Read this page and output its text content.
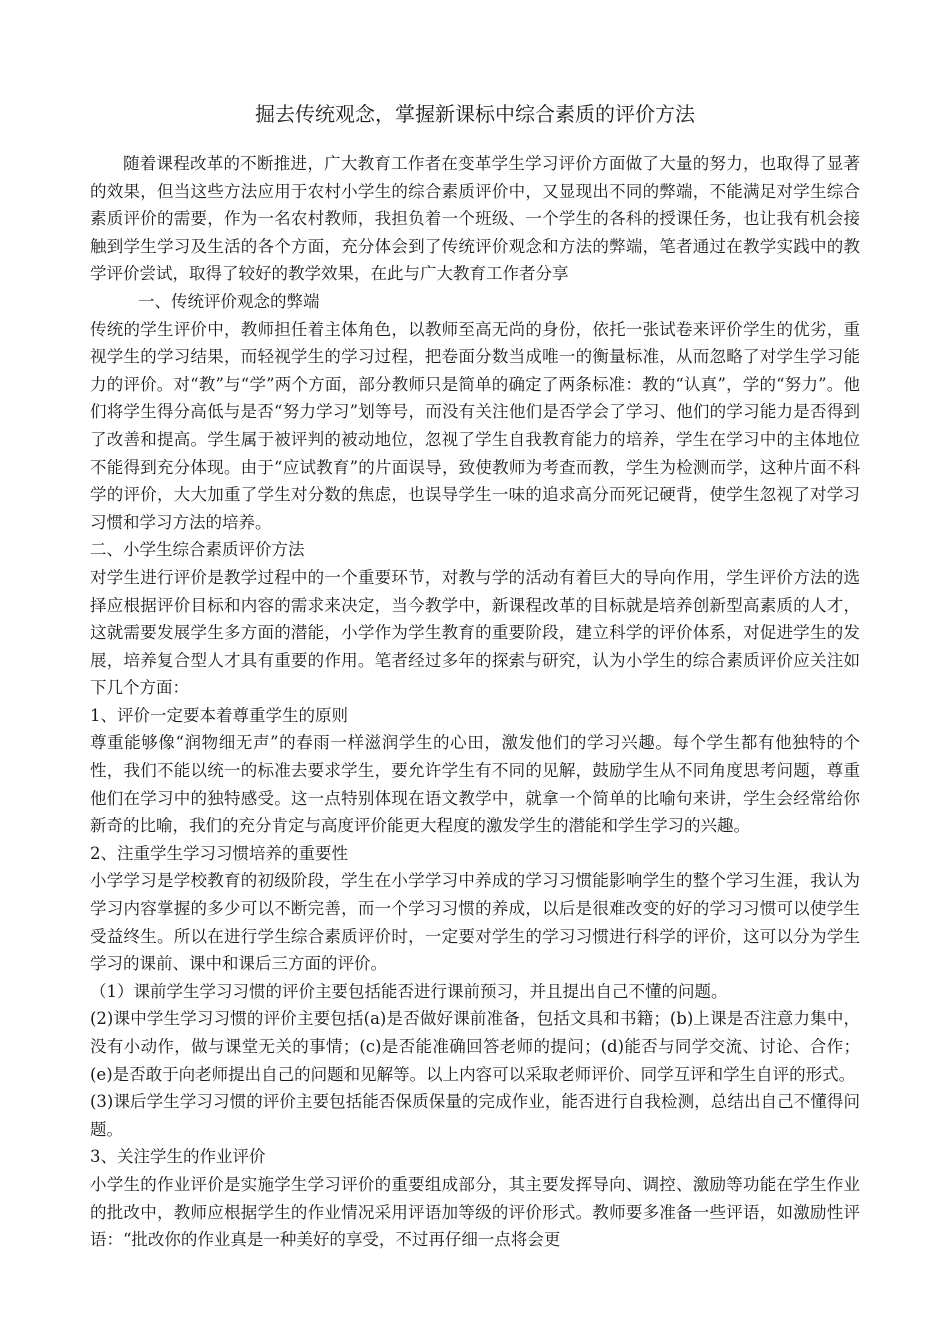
掘去传统观念，掌握新课标中综合素质的评价方法

随着课程改革的不断推进，广大教育工作者在变革学生学习评价方面做了大量的努力，也取得了显著的效果，但当这些方法应用于农村小学生的综合素质评价中，又显现出不同的弊端，不能满足对学生综合素质评价的需要，作为一名农村教师，我担负着一个班级、一个学生的各科的授课任务，也让我有机会接触到学生学习及生活的各个方面，充分体会到了传统评价观念和方法的弊端，笔者通过在教学实践中的教学评价尝试，取得了较好的教学效果，在此与广大教育工作者分享

一、传统评价观念的弊端

传统的学生评价中，教师担任着主体角色，以教师至高无尚的身份，依托一张试卷来评价学生的优劣，重视学生的学习结果，而轻视学生的学习过程，把卷面分数当成唯一的衡量标准，从而忽略了对学生学习能力的评价。对“教”与“学”两个方面，部分教师只是简单的确定了两条标准：教的“认真”，学的“努力”。他们将学生得分高低与是否“努力学习”划等号，而没有关注他们是否学会了学习、他们的学习能力是否得到了改善和提高。学生属于被评判的被动地位，忽视了学生自我教育能力的培养，学生在学习中的主体地位不能得到充分体现。由于“应试教育”的片面误导，致使教师为考查而教，学生为检测而学，这种片面不科学的评价，大大加重了学生对分数的焦虑，也误导学生一味的追求高分而死记硬背，使学生忽视了对学习习惯和学习方法的培养。

二、小学生综合素质评价方法

对学生进行评价是教学过程中的一个重要环节，对教与学的活动有着巨大的导向作用，学生评价方法的选择应根据评价目标和内容的需求来决定，当今教学中，新课程改革的目标就是培养创新型高素质的人才，这就需要发展学生多方面的潜能，小学作为学生教育的重要阶段，建立科学的评价体系，对促进学生的发展，培养复合型人才具有重要的作用。笔者经过多年的探索与研究，认为小学生的综合素质评价应关注如下几个方面：

1、评价一定要本着尊重学生的原则

尊重能够像“润物细无声”的春雨一样滋润学生的心田，激发他们的学习兴趣。每个学生都有他独特的个性，我们不能以统一的标准去要求学生，要允许学生有不同的见解，鼓励学生从不同角度思考问题，尊重他们在学习中的独特感受。这一点特别体现在语文教学中，就拿一个简单的比喻句来讲，学生会经常给你新奇的比喻，我们的充分肯定与高度评价能更大程度的激发学生的潜能和学生学习的兴趣。

2、注重学生学习习惯培养的重要性

小学学习是学校教育的初级阶段，学生在小学学习中养成的学习习惯能影响学生的整个学习生涯，我认为学习内容掌握的多少可以不断完善，而一个学习习惯的养成，以后是很难改变的好的学习习惯可以使学生受益终生。所以在进行学生综合素质评价时，一定要对学生的学习习惯进行科学的评价，这可以分为学生学习的课前、课中和课后三方面的评价。

（1）课前学生学习习惯的评价主要包括能否进行课前预习，并且提出自己不懂的问题。

(2)课中学生学习习惯的评价主要包括(a)是否做好课前准备，包括文具和书籍；(b)上课是否注意力集中，没有小动作，做与课堂无关的事情；(c)是否能准确回答老师的提问；(d)能否与同学交流、讨论、合作；(e)是否敢于向老师提出自己的问题和见解等。以上内容可以采取老师评价、同学互评和学生自评的形式。

(3)课后学生学习习惯的评价主要包括能否保质保量的完成作业，能否进行自我检测，总结出自己不懂得问题。

3、关注学生的作业评价

小学生的作业评价是实施学生学习评价的重要组成部分，其主要发挥导向、调控、激励等功能在学生作业的批改中，教师应根据学生的作业情况采用评语加等级的评价形式。教师要多准备一些评语，如激励性评语：“批改你的作业真是一种美好的享受，不过再仔细一点将会更
